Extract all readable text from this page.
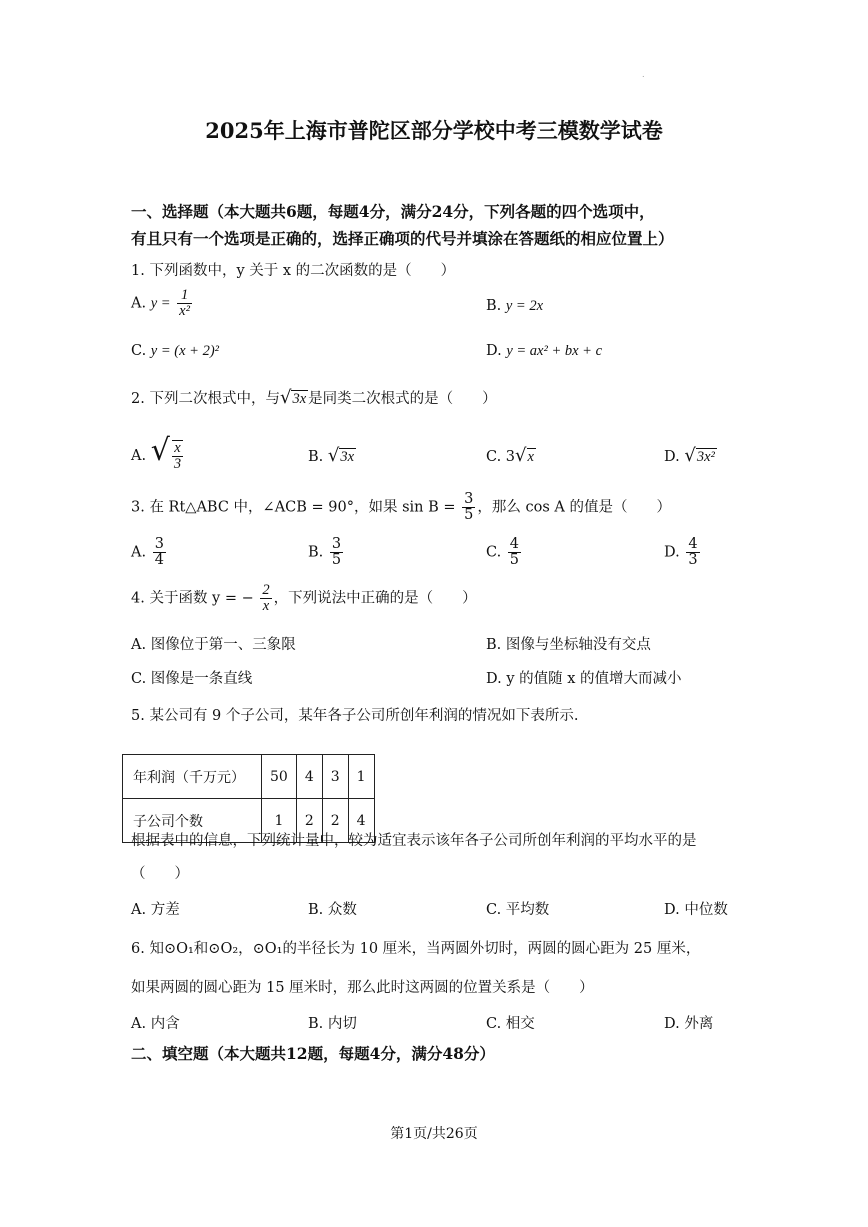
.
2025年上海市普陀区部分学校中考三模数学试卷
一、选择题（本大题共6题，每题4分，满分24分，下列各题的四个选项中，
有且只有一个选项是正确的，选择正确项的代号并填涂在答题纸的相应位置上）
1. 下列函数中，y 关于 x 的二次函数的是（　　）
A. $y = \frac{1}{\text{x²}}$	B. y = 2x
C. y = (x + 2)²	D. y = ax² + bx + c
2. 下列二次根式中，与√3x 是同类二次根式的是（　　）
A. √ $\frac{x}{3}$	B. √3x	C. 3√x	D. √3x²
3. 在 Rt△ABC 中，∠ACB = 90°，如果 $\sin B = \frac{3}{5}$ ，那么 cos A 的值是（　　）
A. $\frac{3}{4}$	B. $\frac{3}{5}$	C. $\frac{4}{5}$	D. $\frac{4}{3}$
4. 关于函数 y = − $\frac{2}{x}$ ，下列说法中正确的是（　　）
A. 图像位于第一、三象限	B. 图像与坐标轴没有交点
C. 图像是一条直线	D. y 的值随 x 的值增大而减小
5. 某公司有 9 个子公司，某年各子公司所创年利润的情况如下表所示.
年利润（千万元）	50	4	3	1
子公司个数	1	2	2	4
根据表中的信息，下列统计量中，较为适宜表示该年各子公司所创年利润的平均水平的是
（　　）
A. 方差	B. 众数	C. 平均数	D. 中位数
6. 知⊙O₁和⊙O₂，⊙O₁的半径长为 10 厘米，当两圆外切时，两圆的圆心距为 25 厘米，
如果两圆的圆心距为 15 厘米时，那么此时这两圆的位置关系是（　　）
A. 内含	B. 内切	C. 相交	D. 外离
二、填空题（本大题共12题，每题4分，满分48分）
第1页/共26页
